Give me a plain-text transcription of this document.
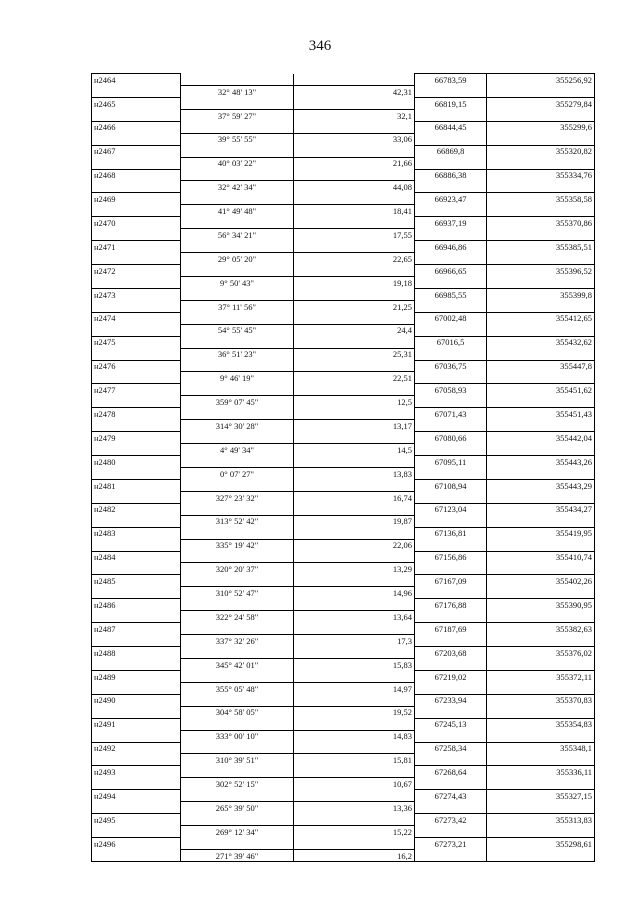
346
н2464			66783,59	355256,92
	32° 48' 13"	42,31		
н2465			66819,15	355279,84
	37° 59' 27"	32,1		
н2466			66844,45	355299,6
	39° 55' 55"	33,06		
н2467			66869,8	355320,82
	40° 03' 22"	21,66		
н2468			66886,38	355334,76
	32° 42' 34"	44,08		
н2469			66923,47	355358,58
	41° 49' 48"	18,41		
н2470			66937,19	355370,86
	56° 34' 21"	17,55		
н2471			66946,86	355385,51
	29° 05' 20"	22,65		
н2472			66966,65	355396,52
	9° 50' 43"	19,18		
н2473			66985,55	355399,8
	37° 11' 56"	21,25		
н2474			67002,48	355412,65
	54° 55' 45"	24,4		
н2475			67016,5	355432,62
	36° 51' 23"	25,31		
н2476			67036,75	355447,8
	9° 46' 19"	22,51		
н2477			67058,93	355451,62
	359° 07' 45"	12,5		
н2478			67071,43	355451,43
	314° 30' 28"	13,17		
н2479			67080,66	355442,04
	4° 49' 34"	14,5		
н2480			67095,11	355443,26
	0° 07' 27"	13,83		
н2481			67108,94	355443,29
	327° 23' 32"	16,74		
н2482			67123,04	355434,27
	313° 52' 42"	19,87		
н2483			67136,81	355419,95
	335° 19' 42"	22,06		
н2484			67156,86	355410,74
	320° 20' 37"	13,29		
н2485			67167,09	355402,26
	310° 52' 47"	14,96		
н2486			67176,88	355390,95
	322° 24' 58"	13,64		
н2487			67187,69	355382,63
	337° 32' 26"	17,3		
н2488			67203,68	355376,02
	345° 42' 01"	15,83		
н2489			67219,02	355372,11
	355° 05' 48"	14,97		
н2490			67233,94	355370,83
	304° 58' 05"	19,52		
н2491			67245,13	355354,83
	333° 00' 10"	14,83		
н2492			67258,34	355348,1
	310° 39' 51"	15,81		
н2493			67268,64	355336,11
	302° 52' 15"	10,67		
н2494			67274,43	355327,15
	265° 39' 50"	13,36		
н2495			67273,42	355313,83
	269° 12' 34"	15,22		
н2496			67273,21	355298,61
	271° 39' 46"	16,2		
